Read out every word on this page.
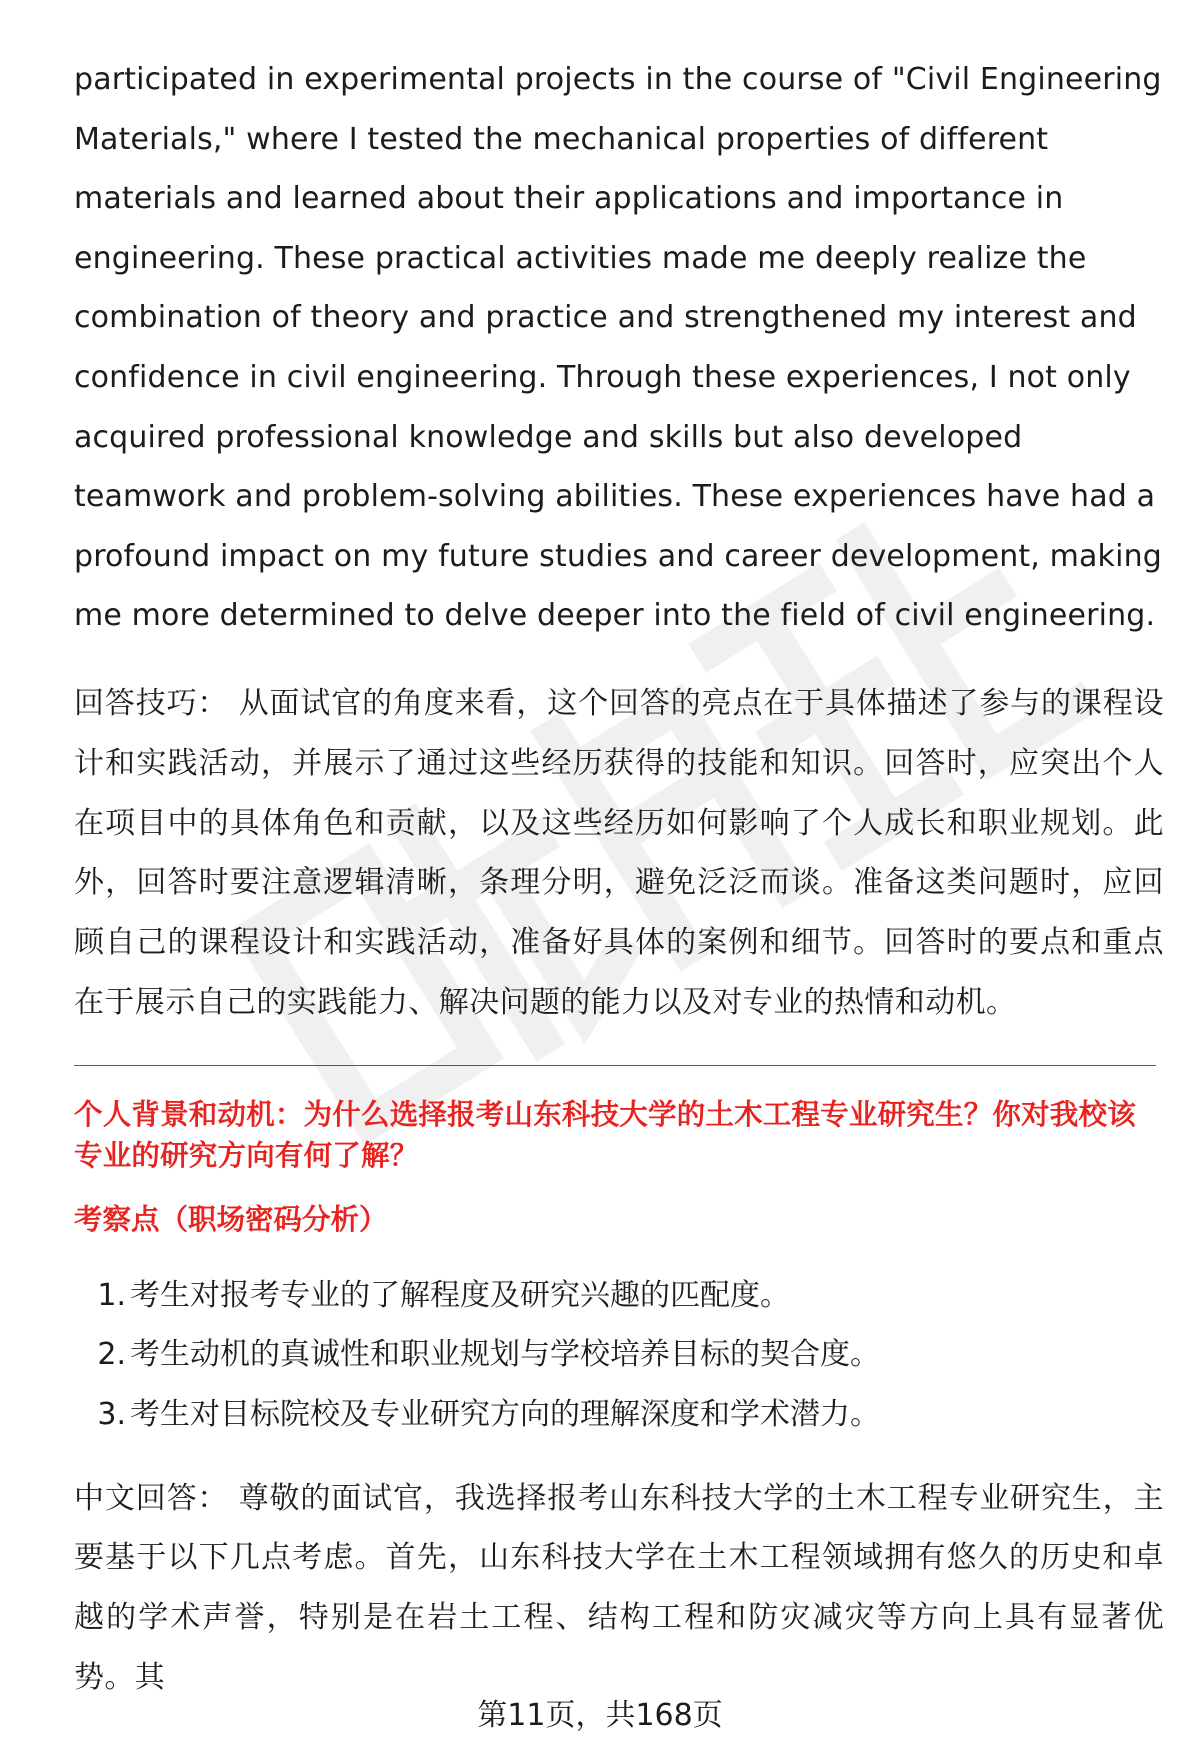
participated in experimental projects in the course of "Civil Engineering Materials," where I tested the mechanical properties of different materials and learned about their applications and importance in engineering. These practical activities made me deeply realize the combination of theory and practice and strengthened my interest and confidence in civil engineering. Through these experiences, I not only acquired professional knowledge and skills but also developed teamwork and problem-solving abilities. These experiences have had a profound impact on my future studies and career development, making me more determined to delve deeper into the field of civil engineering.

回答技巧： 从面试官的角度来看，这个回答的亮点在于具体描述了参与的课程设计和实践活动，并展示了通过这些经历获得的技能和知识。回答时，应突出个人在项目中的具体角色和贡献，以及这些经历如何影响了个人成长和职业规划。此外，回答时要注意逻辑清晰，条理分明，避免泛泛而谈。准备这类问题时，应回顾自己的课程设计和实践活动，准备好具体的案例和细节。回答时的要点和重点在于展示自己的实践能力、解决问题的能力以及对专业的热情和动机。

个人背景和动机：为什么选择报考山东科技大学的土木工程专业研究生？你对我校该专业的研究方向有何了解？
考察点（职场密码分析）
1. 考生对报考专业的了解程度及研究兴趣的匹配度。
2. 考生动机的真诚性和职业规划与学校培养目标的契合度。
3. 考生对目标院校及专业研究方向的理解深度和学术潜力。

中文回答： 尊敬的面试官，我选择报考山东科技大学的土木工程专业研究生，主要基于以下几点考虑。首先，山东科技大学在土木工程领域拥有悠久的历史和卓越的学术声誉，特别是在岩土工程、结构工程和防灾减灾等方向上具有显著优势。其

第11页，共168页
